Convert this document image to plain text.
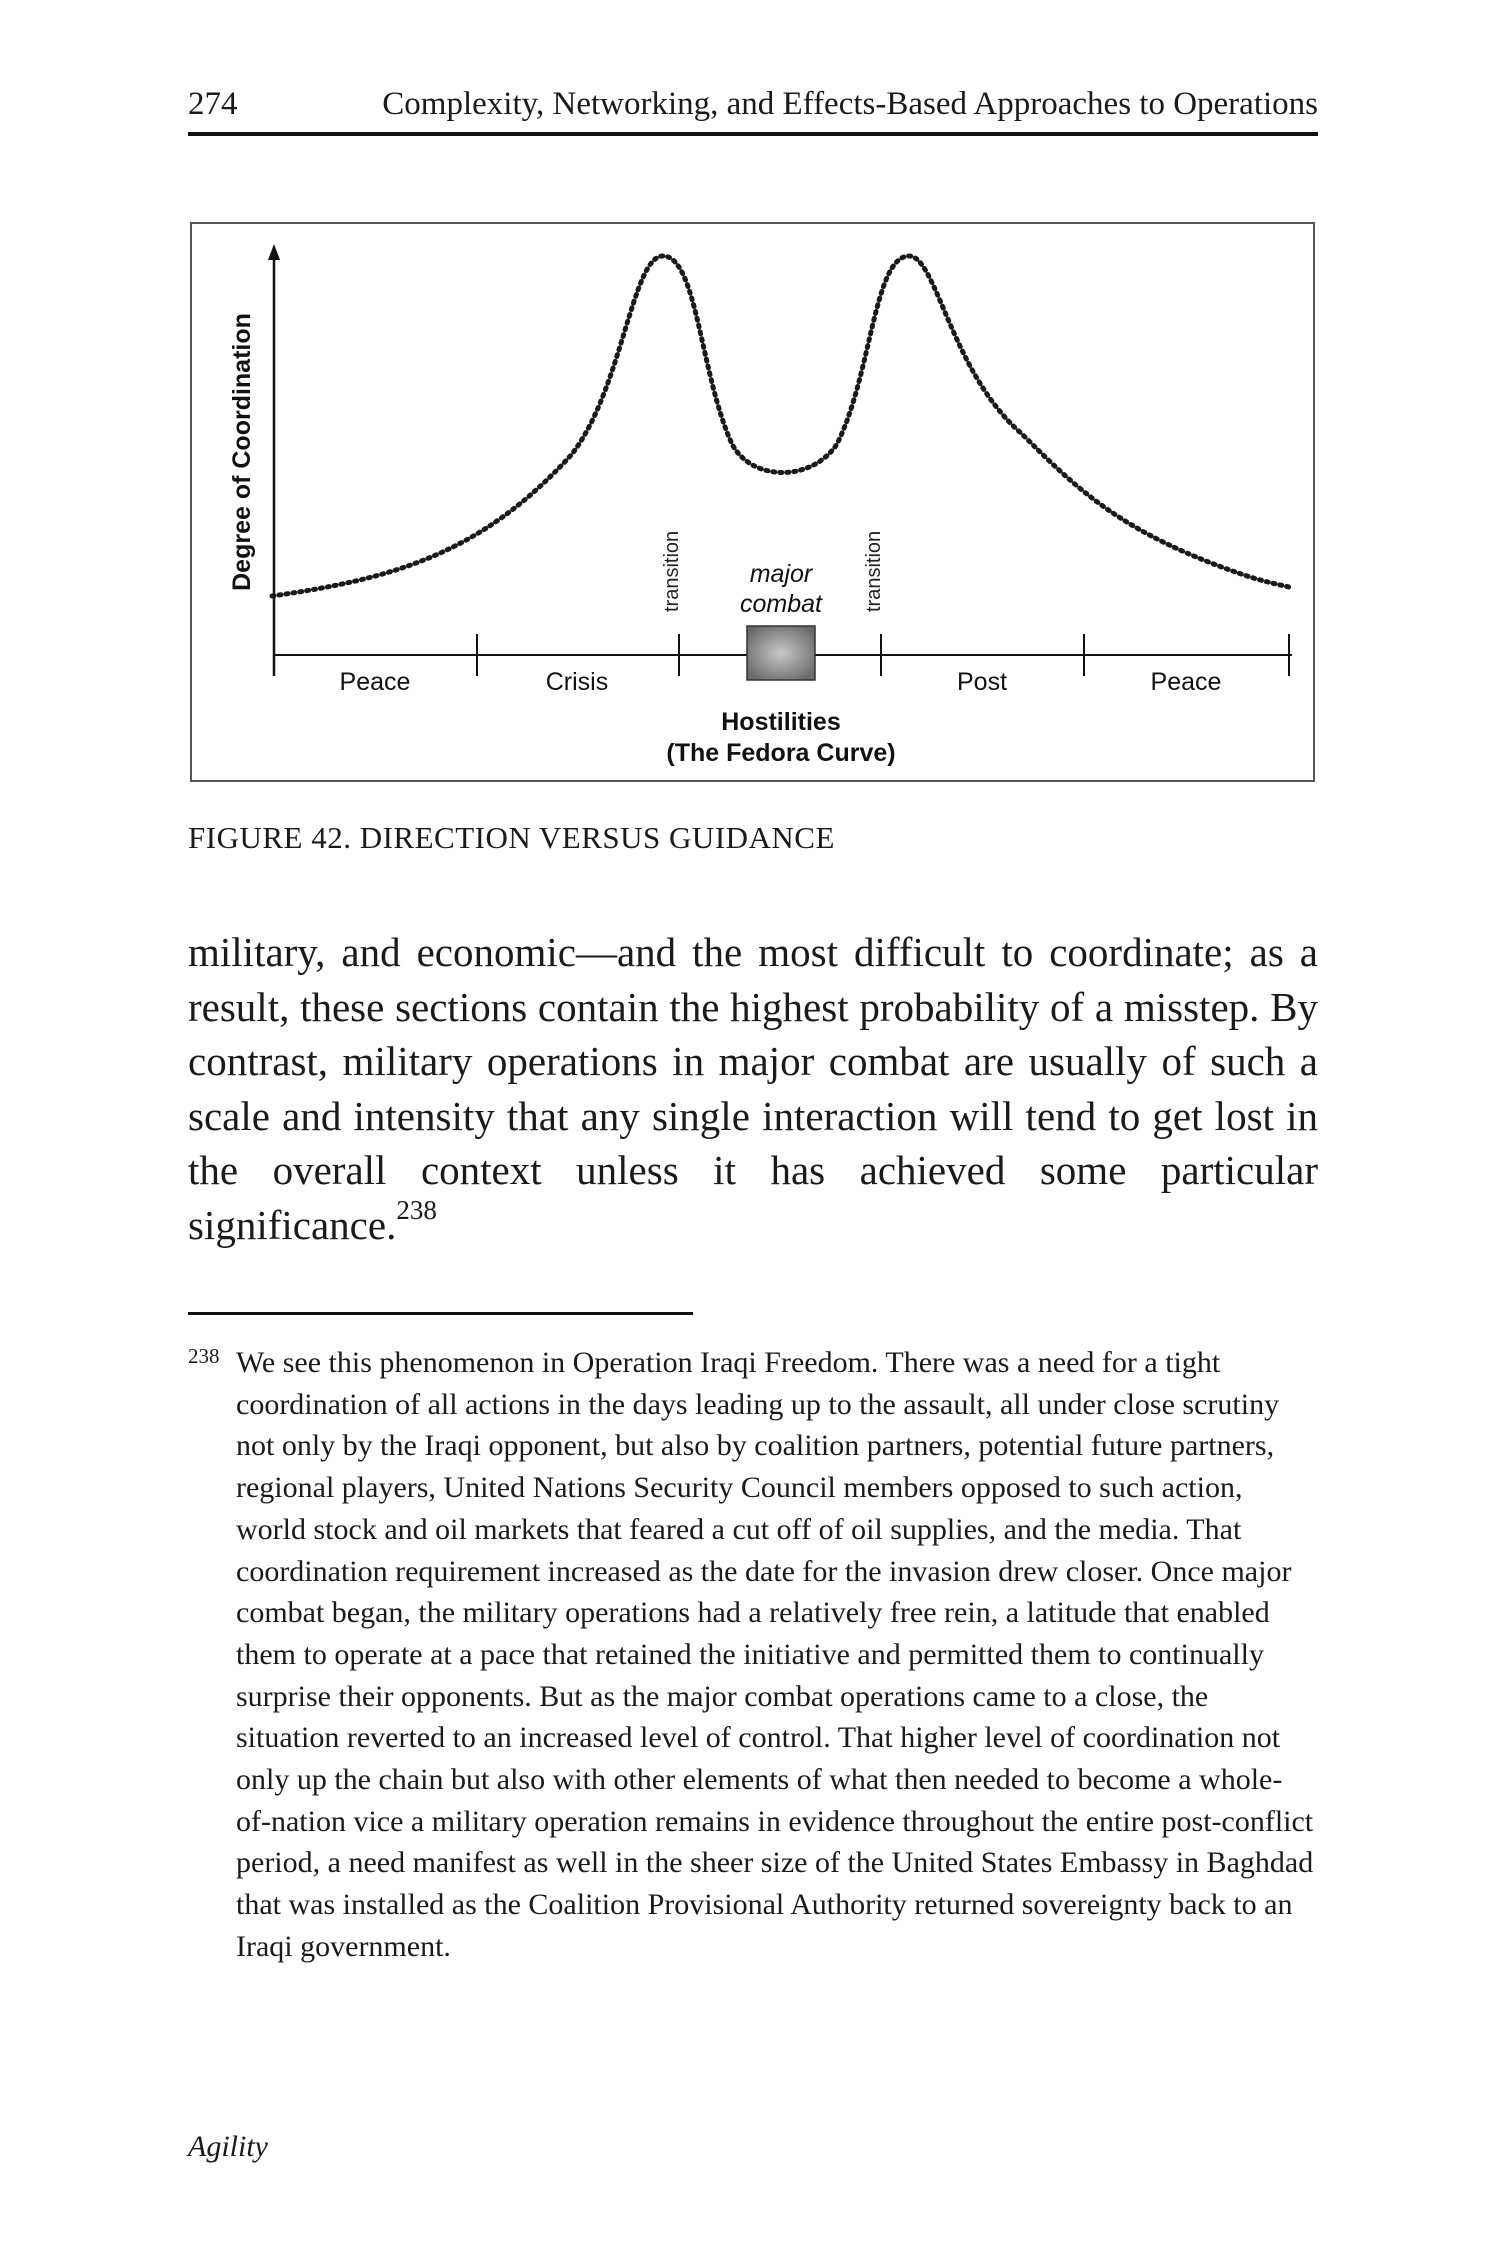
274	Complexity, Networking, and Effects-Based Approaches to Operations
Degree of Coordination	transition	transition
major
combat
Peace	Crisis	Post	Peace
Hostilities
(The Fedora Curve)
FIGURE 42. DIRECTION VERSUS GUIDANCE
military, and economic—and the most difficult to coordinate; as a result, these sections contain the highest probability of a misstep. By contrast, military operations in major combat are usually of such a scale and intensity that any single interaction will tend to get lost in the overall context unless it has achieved some particular significance.$^{238}$
238 We see this phenomenon in Operation Iraqi Freedom. There was a need for a tight coordination of all actions in the days leading up to the assault, all under close scrutiny not only by the Iraqi opponent, but also by coalition partners, potential future partners, regional players, United Nations Security Council members opposed to such action, world stock and oil markets that feared a cut off of oil supplies, and the media. That coordination requirement increased as the date for the invasion drew closer. Once major combat began, the military operations had a relatively free rein, a latitude that enabled them to operate at a pace that retained the initiative and permitted them to continually surprise their opponents. But as the major combat operations came to a close, the situation reverted to an increased level of control. That higher level of coordination not only up the chain but also with other elements of what then needed to become a whole-of-nation vice a military operation remains in evidence throughout the entire post-conflict period, a need manifest as well in the sheer size of the United States Embassy in Baghdad that was installed as the Coalition Provisional Authority returned sovereignty back to an Iraqi government.
Agility
